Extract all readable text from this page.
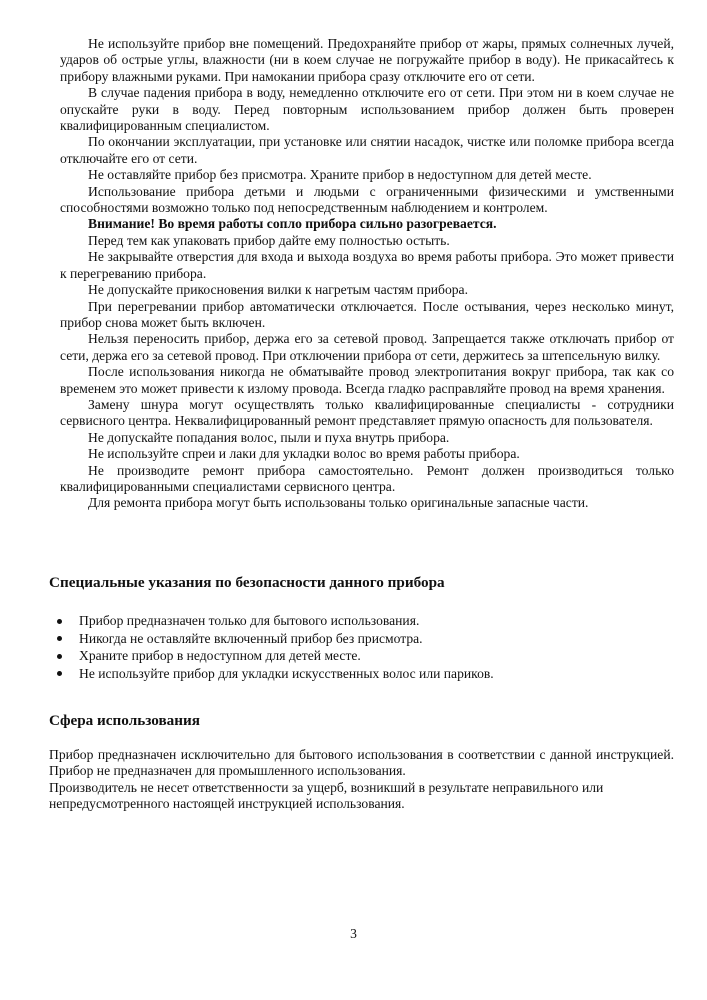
Не используйте прибор вне помещений. Предохраняйте прибор от жары, прямых солнечных лучей, ударов об острые углы, влажности (ни в коем случае не погружайте прибор в воду). Не прикасайтесь к прибору влажными руками. При намокании прибора сразу отключите его от сети.

В случае падения прибора в воду, немедленно отключите его от сети. При этом ни в коем случае не опускайте руки в воду. Перед повторным использованием прибор должен быть проверен квалифицированным специалистом.

По окончании эксплуатации, при установке или снятии насадок, чистке или поломке прибора всегда отключайте его от сети.

Не оставляйте прибор без присмотра. Храните прибор в недоступном для детей месте.

Использование прибора детьми и людьми с ограниченными физическими и умственными способностями возможно только под непосредственным наблюдением и контролем.

Внимание! Во время работы сопло прибора сильно разогревается.

Перед тем как упаковать прибор дайте ему полностью остыть.

Не закрывайте отверстия для входа и выхода воздуха во время работы прибора. Это может привести к перегреванию прибора.

Не допускайте прикосновения вилки к нагретым частям прибора.

При перегревании прибор автоматически отключается. После остывания, через несколько минут, прибор снова может быть включен.

Нельзя переносить прибор, держа его за сетевой провод. Запрещается также отключать прибор от сети, держа его за сетевой провод. При отключении прибора от сети, держитесь за штепсельную вилку.

После использования никогда не обматывайте провод электропитания вокруг прибора, так как со временем это может привести к излому провода. Всегда гладко расправляйте провод на время хранения.

Замену шнура могут осуществлять только квалифицированные специалисты - сотрудники сервисного центра. Неквалифицированный ремонт представляет прямую опасность для пользователя.

Не допускайте попадания волос, пыли и пуха внутрь прибора.

Не используйте спреи и лаки для укладки волос во время работы прибора.

Не производите ремонт прибора самостоятельно. Ремонт должен производиться только квалифицированными специалистами сервисного центра.

Для ремонта прибора могут быть использованы только оригинальные запасные части.

Специальные указания по безопасности данного прибора
Прибор предназначен только для бытового использования.
Никогда не оставляйте включенный прибор без присмотра.
Храните прибор в недоступном для детей месте.
Не используйте прибор для укладки искусственных волос или париков.
Сфера использования

Прибор предназначен исключительно для бытового использования в соответствии с данной инструкцией. Прибор не предназначен для промышленного использования.

Производитель не несет ответственности за ущерб, возникший в результате неправильного или непредусмотренного настоящей инструкцией использования.

3
